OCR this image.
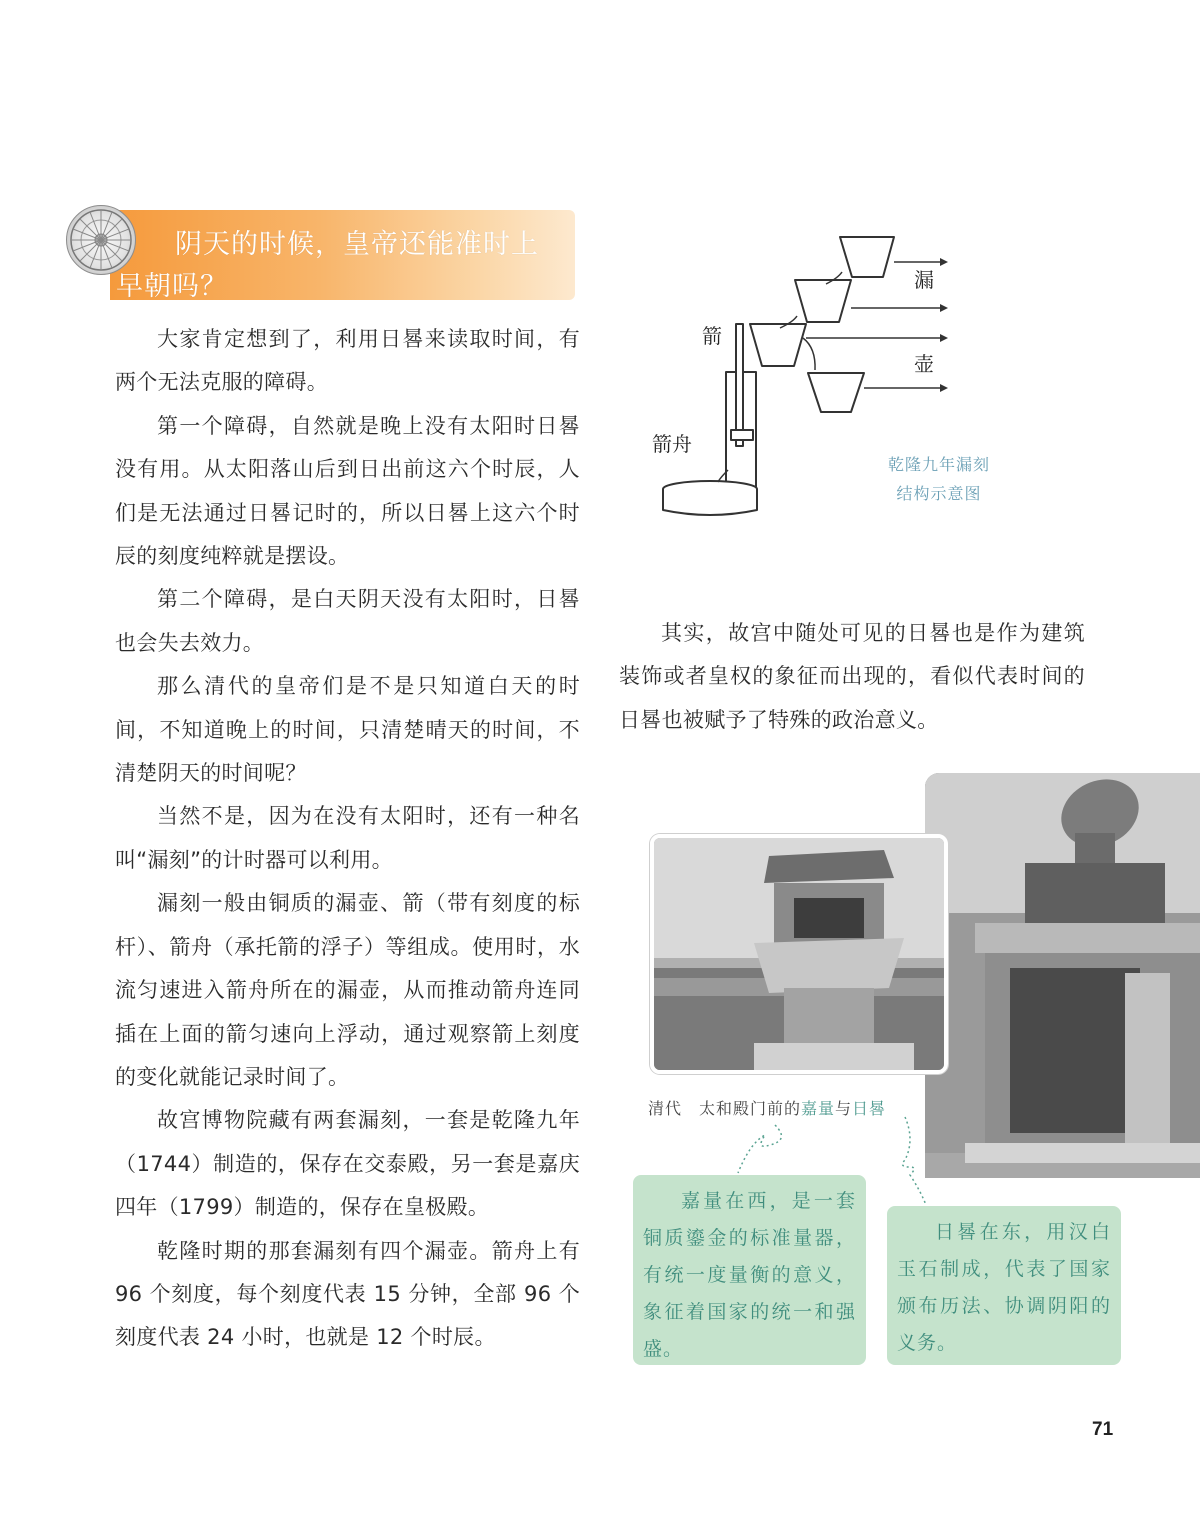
阴天的时候，皇帝还能准时上
早朝吗？

大家肯定想到了，利用日晷来读取时间，有两个无法克服的障碍。

第一个障碍，自然就是晚上没有太阳时日晷没有用。从太阳落山后到日出前这六个时辰，人们是无法通过日晷记时的，所以日晷上这六个时辰的刻度纯粹就是摆设。

第二个障碍，是白天阴天没有太阳时，日晷也会失去效力。

那么清代的皇帝们是不是只知道白天的时间，不知道晚上的时间，只清楚晴天的时间，不清楚阴天的时间呢？

当然不是，因为在没有太阳时，还有一种名叫“漏刻”的计时器可以利用。

漏刻一般由铜质的漏壶、箭（带有刻度的标杆）、箭舟（承托箭的浮子）等组成。使用时，水流匀速进入箭舟所在的漏壶，从而推动箭舟连同插在上面的箭匀速向上浮动，通过观察箭上刻度的变化就能记录时间了。

故宫博物院藏有两套漏刻，一套是乾隆九年（1744）制造的，保存在交泰殿，另一套是嘉庆四年（1799）制造的，保存在皇极殿。

乾隆时期的那套漏刻有四个漏壶。箭舟上有 96 个刻度，每个刻度代表 15 分钟，全部 96 个刻度代表 24 小时，也就是 12 个时辰。

箭
箭舟
漏
壶
乾隆九年漏刻
结构示意图

其实，故宫中随处可见的日晷也是作为建筑装饰或者皇权的象征而出现的，看似代表时间的日晷也被赋予了特殊的政治意义。

清代　太和殿门前的嘉量与日晷
嘉量在西，是一套铜质鎏金的标准量器，有统一度量衡的意义，象征着国家的统一和强盛。
日晷在东，用汉白玉石制成，代表了国家颁布历法、协调阴阳的义务。
71
